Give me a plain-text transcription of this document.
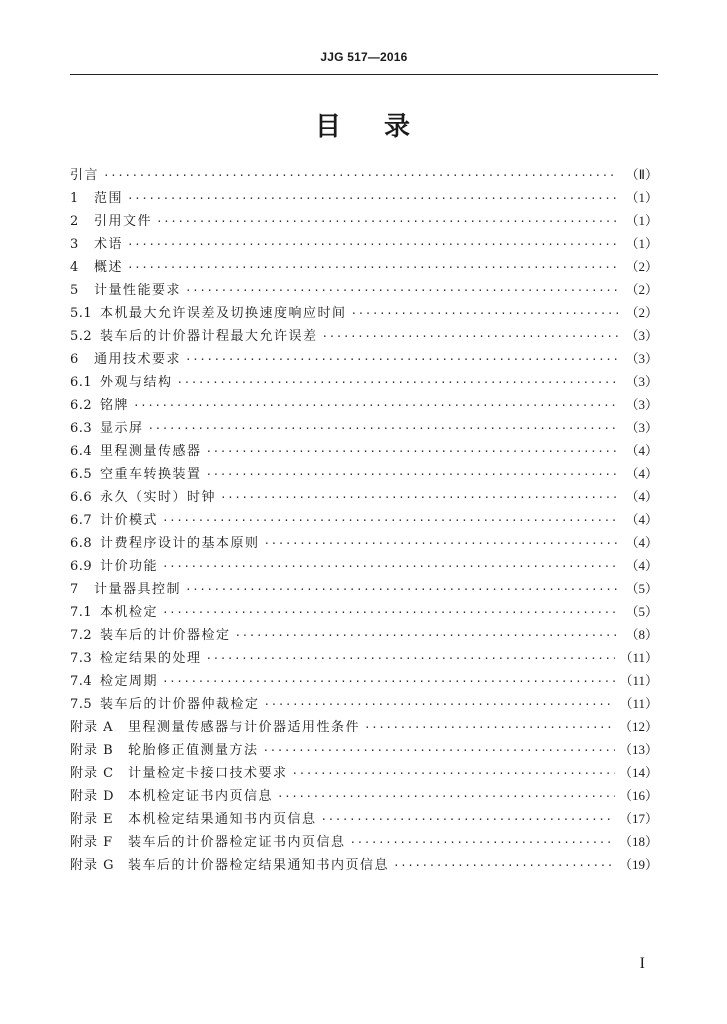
JJG 517—2016
目 录
引言 ·····	（Ⅱ）
1	范围 ·····	（1）
2	引用文件 ·····	（1）
3	术语 ·····	（1）
4	概述 ·····	（2）
5	计量性能要求 ·····	（2）
5.1 本机最大允许误差及切换速度响应时间 ·····	（2）
5.2 装车后的计价器计程最大允许误差 ·····	（3）
6	通用技术要求 ·····	（3）
6.1 外观与结构 ·····	（3）
6.2 铭牌 ·····	（3）
6.3 显示屏 ·····	（3）
6.4 里程测量传感器 ·····	（4）
6.5 空重车转换装置 ·····	（4）
6.6 永久（实时）时钟 ·····	（4）
6.7 计价模式 ·····	（4）
6.8 计费程序设计的基本原则 ·····	（4）
6.9 计价功能 ·····	（4）
7	计量器具控制 ·····	（5）
7.1 本机检定 ·····	（5）
7.2 装车后的计价器检定 ·····	（8）
7.3 检定结果的处理 ·····	（11）
7.4 检定周期 ·····	（11）
7.5 装车后的计价器仲裁检定 ·····	（11）
附录 A	里程测量传感器与计价器适用性条件 ·····	（12）
附录 B	轮胎修正值测量方法 ·····	（13）
附录 C	计量检定卡接口技术要求 ·····	（14）
附录 D	本机检定证书内页信息 ·····	（16）
附录 E	本机检定结果通知书内页信息 ·····	（17）
附录 F	装车后的计价器检定证书内页信息 ·····	（18）
附录 G	装车后的计价器检定结果通知书内页信息 ·····	（19）
I
